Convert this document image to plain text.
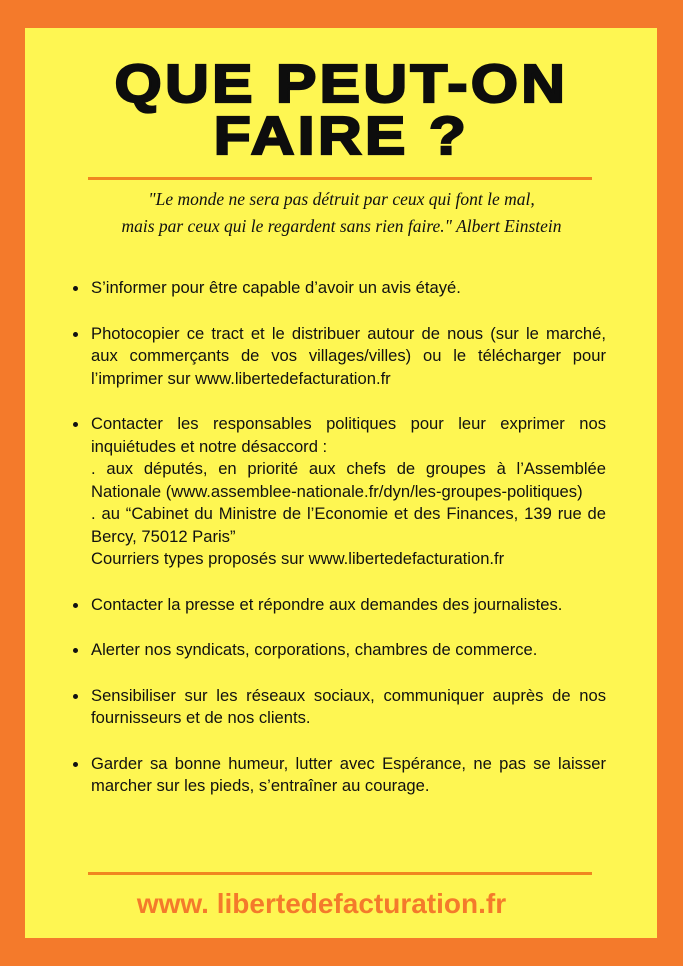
QUE PEUT-ON
FAIRE ?
"Le monde ne sera pas détruit par ceux qui font le mal,
mais par ceux qui le regardent sans rien faire." Albert Einstein

S’informer pour être capable d’avoir un avis étayé.

Photocopier ce tract et le distribuer autour de nous (sur le marché, aux commerçants de vos villages/villes) ou le télécharger pour l’imprimer sur www.libertedefacturation.fr

Contacter les responsables politiques pour leur exprimer nos inquiétudes et notre désaccord :

. aux députés, en priorité aux chefs de groupes à l’Assemblée Nationale (www.assemblee-nationale.fr/dyn/les-groupes-politiques)

. au “Cabinet du Ministre de l’Economie et des Finances, 139 rue de Bercy, 75012 Paris”

Courriers types proposés sur www.libertedefacturation.fr

Contacter la presse et répondre aux demandes des journalistes.

Alerter nos syndicats, corporations, chambres de commerce.

Sensibiliser sur les réseaux sociaux, communiquer auprès de nos fournisseurs et de nos clients.

Garder sa bonne humeur, lutter avec Espérance, ne pas se laisser marcher sur les pieds, s’entraîner au courage.

www. libertedefacturation.fr
